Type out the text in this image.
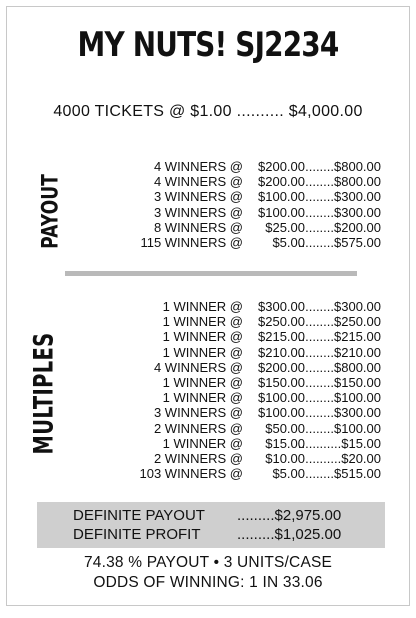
MY NUTS! SJ2234
4000 TICKETS @ $1.00 .......... $4,000.00
PAYOUT
4 WINNERS @ $200.00 ........$800.00
4 WINNERS @ $200.00 ........$800.00
3 WINNERS @ $100.00 ........$300.00
3 WINNERS @ $100.00 ........$300.00
8 WINNERS @ $25.00 ........$200.00
115 WINNERS @ $5.00
..........$575.00
MULTIPLES
1 WINNER @ $300.00 ........$300.00
1 WINNER @ $250.00 ........$250.00
1 WINNER @ $215.00
..........$215.00
1 WINNER @ $210.00
..........$210.00
4 WINNERS @ $200.00 ........$800.00
1 WINNER @ $150.00 ........$150.00
1 WINNER @ $100.00 ........$100.00
3 WINNERS @ $100.00 ........$300.00
2 WINNERS @ $50.00 ........$100.00
1 WINNER @ $15.00
............$15.00
2 WINNERS @ $10.00 ..........$20.00
103 WINNERS @ $5.00 ........$515.00
DEFINITE PAYOUT .........$2,975.00
DEFINITE PROFIT .........$1,025.00
74.38 % PAYOUT • 3 UNITS/CASE
ODDS OF WINNING: 1 IN 33.06
